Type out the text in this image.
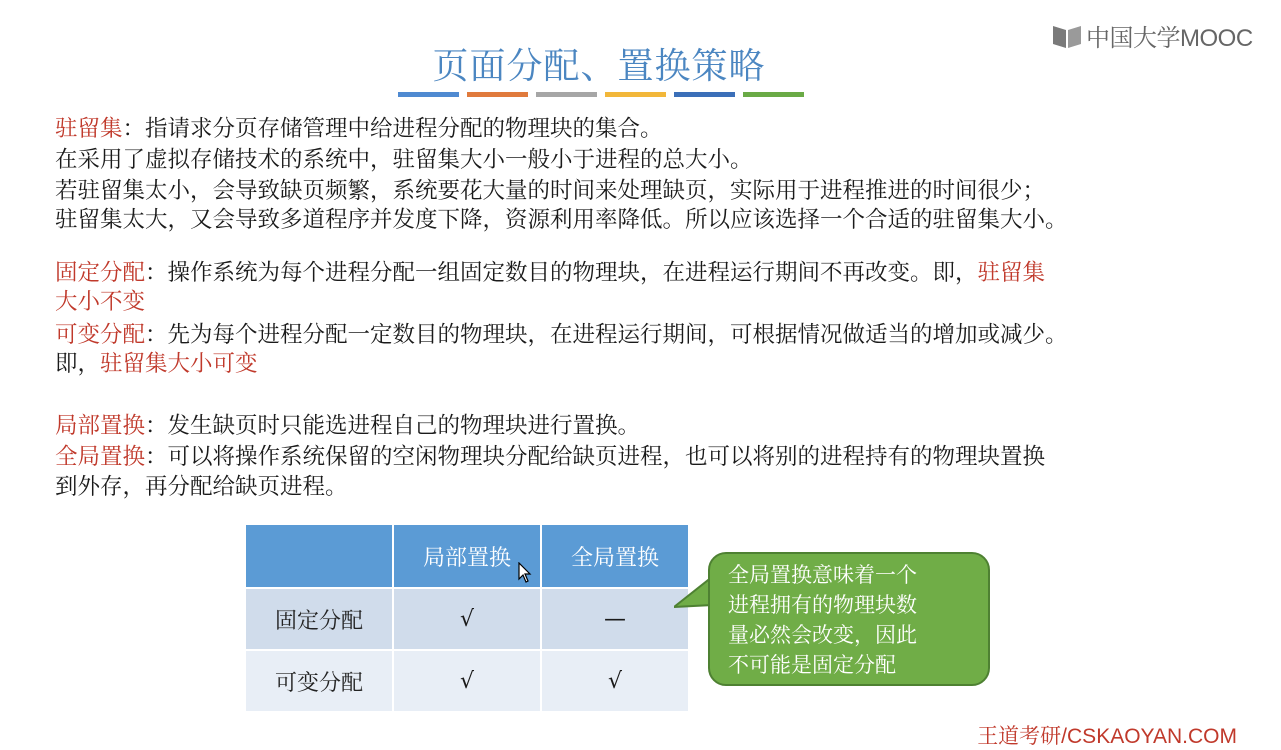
中国大学MOOC
页面分配、置换策略
驻留集：指请求分页存储管理中给进程分配的物理块的集合。
在采用了虚拟存储技术的系统中，驻留集大小一般小于进程的总大小。
若驻留集太小，会导致缺页频繁，系统要花大量的时间来处理缺页，实际用于进程推进的时间很少；
驻留集太大，又会导致多道程序并发度下降，资源利用率降低。所以应该选择一个合适的驻留集大小。
固定分配：操作系统为每个进程分配一组固定数目的物理块，在进程运行期间不再改变。即，驻留集
大小不变
可变分配：先为每个进程分配一定数目的物理块，在进程运行期间，可根据情况做适当的增加或减少。
即，驻留集大小可变
局部置换：发生缺页时只能选进程自己的物理块进行置换。
全局置换：可以将操作系统保留的空闲物理块分配给缺页进程，也可以将别的进程持有的物理块置换
到外存，再分配给缺页进程。
	局部置换	全局置换
固定分配	√	—
可变分配	√	√
全局置换意味着一个
进程拥有的物理块数
量必然会改变，因此
不可能是固定分配
王道考研/CSKAOYAN.COM
